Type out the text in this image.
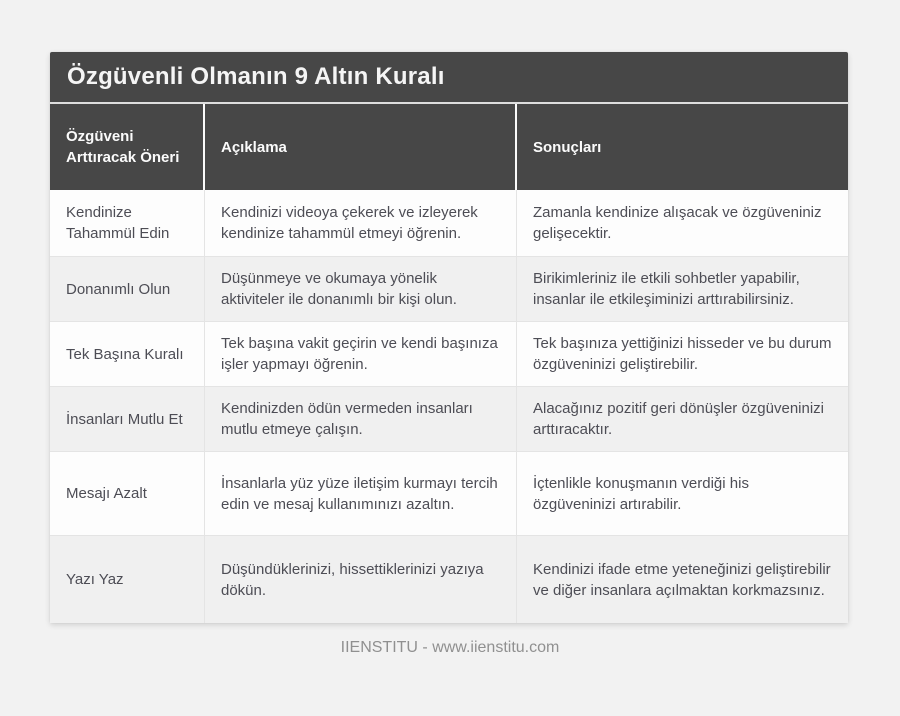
Özgüvenli Olmanın 9 Altın Kuralı
Özgüveni Arttıracak Öneri
Açıklama	Sonuçları
Kendinize Tahammül Edin
Kendinizi videoya çekerek ve izleyerek kendinize tahammül etmeyi öğrenin.
Zamanla kendinize alışacak ve özgüveniniz gelişecektir.
Donanımlı Olun
Düşünmeye ve okumaya yönelik aktiviteler ile donanımlı bir kişi olun.
Birikimleriniz ile etkili sohbetler yapabilir, insanlar ile etkileşiminizi arttırabilirsiniz.
Tek Başına Kuralı
Tek başına vakit geçirin ve kendi başınıza işler yapmayı öğrenin.
Tek başınıza yettiğinizi hisseder ve bu durum özgüveninizi geliştirebilir.
İnsanları Mutlu Et
Kendinizden ödün vermeden insanları mutlu etmeye çalışın.
Alacağınız pozitif geri dönüşler özgüveninizi arttıracaktır.
Mesajı Azalt
İnsanlarla yüz yüze iletişim kurmayı tercih edin ve mesaj kullanımınızı azaltın.
İçtenlikle konuşmanın verdiği his özgüveninizi artırabilir.
Yazı Yaz
Düşündüklerinizi, hissettiklerinizi yazıya dökün.
Kendinizi ifade etme yeteneğinizi geliştirebilir ve diğer insanlara açılmaktan korkmazsınız.
IIENSTITU - www.iienstitu.com
